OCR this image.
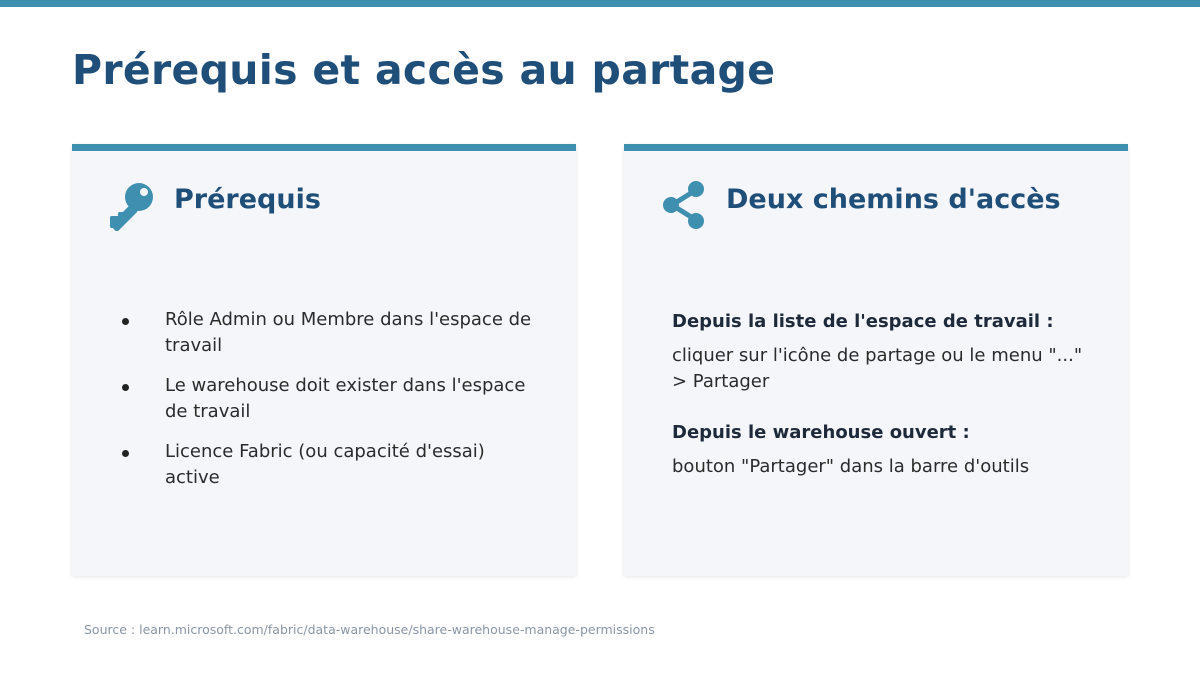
Prérequis et accès au partage
Prérequis
Rôle Admin ou Membre dans l'espace de travail
Le warehouse doit exister dans l'espace de travail
Licence Fabric (ou capacité d'essai) active
Deux chemins d'accès

Depuis la liste de l'espace de travail :

cliquer sur l'icône de partage ou le menu "..." > Partager

Depuis le warehouse ouvert :

bouton "Partager" dans la barre d'outils

Source : learn.microsoft.com/fabric/data-warehouse/share-warehouse-manage-permissions
